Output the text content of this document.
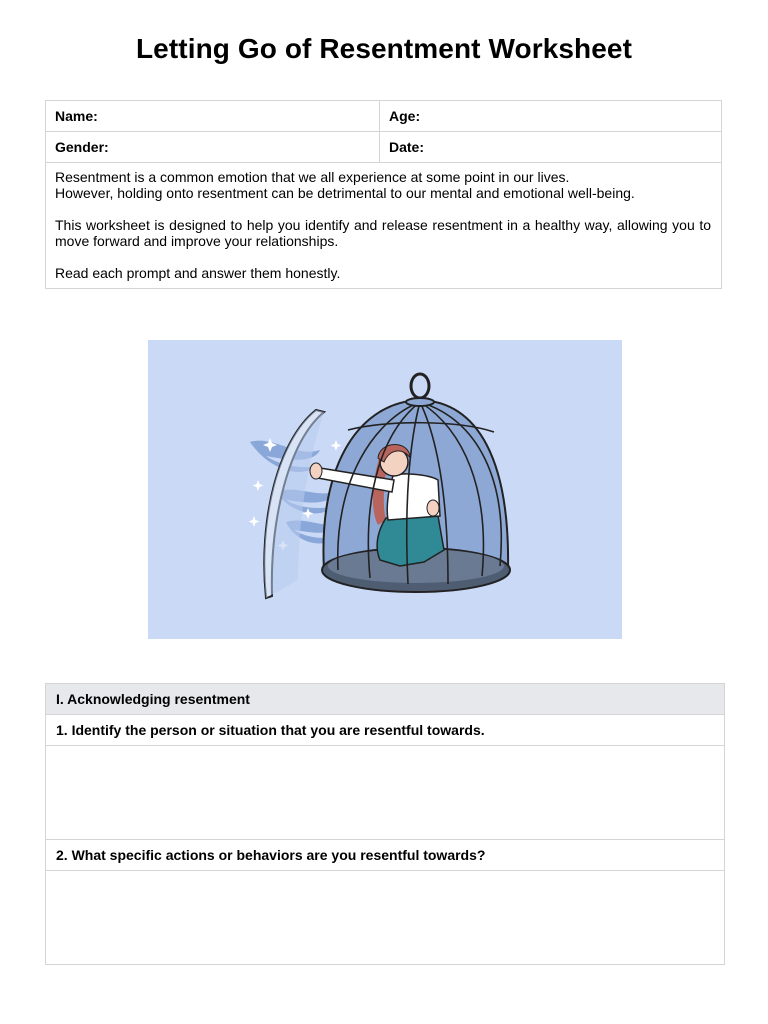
Letting Go of Resentment Worksheet
Name:	Age:
Gender:	Date:

Resentment is a common emotion that we all experience at some point in our lives.
However, holding onto resentment can be detrimental to our mental and emotional well-being.

This worksheet is designed to help you identify and release resentment in a healthy way, allowing you to move forward and improve your relationships.

Read each prompt and answer them honestly.	

I. Acknowledging resentment
1. Identify the person or situation that you are resentful towards.

2. What specific actions or behaviors are you resentful towards?
